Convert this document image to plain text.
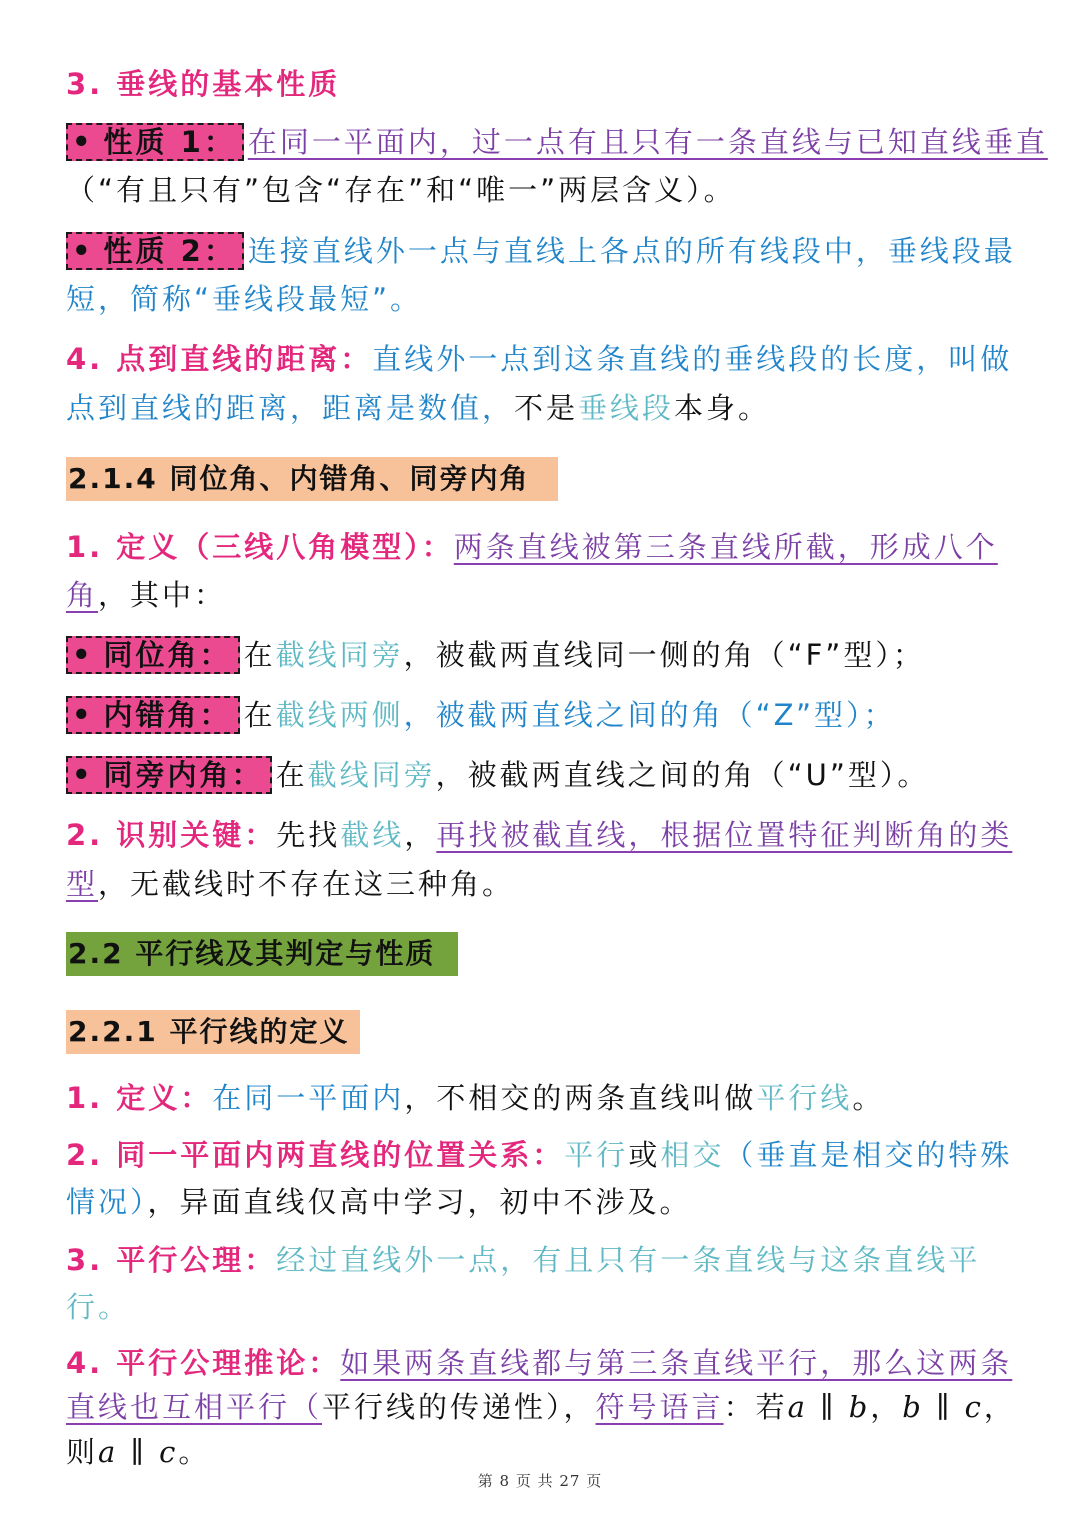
3. 垂线的基本性质
• 性质 1： 在同一平面内，过一点有且只有一条直线与已知直线垂直
（“有且只有”包含“存在”和“唯一”两层含义）。
• 性质 2： 连接直线外一点与直线上各点的所有线段中，垂线段最
短，简称“垂线段最短”。
4. 点到直线的距离：直线外一点到这条直线的垂线段的长度，叫做
点到直线的距离，距离是数值，不是垂线段本身。
2.1.4 同位角、内错角、同旁内角
1. 定义（三线八角模型）：两条直线被第三条直线所截，形成八个
角，其中：
• 同位角： 在截线同旁，被截两直线同一侧的角（“F”型）；
• 内错角： 在截线两侧，被截两直线之间的角（“Z”型）；
• 同旁内角： 在截线同旁，被截两直线之间的角（“U”型）。
2. 识别关键：先找截线，再找被截直线，根据位置特征判断角的类
型，无截线时不存在这三种角。
2.2 平行线及其判定与性质
2.2.1 平行线的定义
1. 定义：在同一平面内，不相交的两条直线叫做平行线。
2. 同一平面内两直线的位置关系：平行或相交（垂直是相交的特殊
情况），异面直线仅高中学习，初中不涉及。
3. 平行公理：经过直线外一点，有且只有一条直线与这条直线平
行。
4. 平行公理推论：如果两条直线都与第三条直线平行，那么这两条
直线也互相平行（平行线的传递性），符号语言：若a ∥ b，b ∥ c，
则a ∥ c。
第 8 页 共 27 页
